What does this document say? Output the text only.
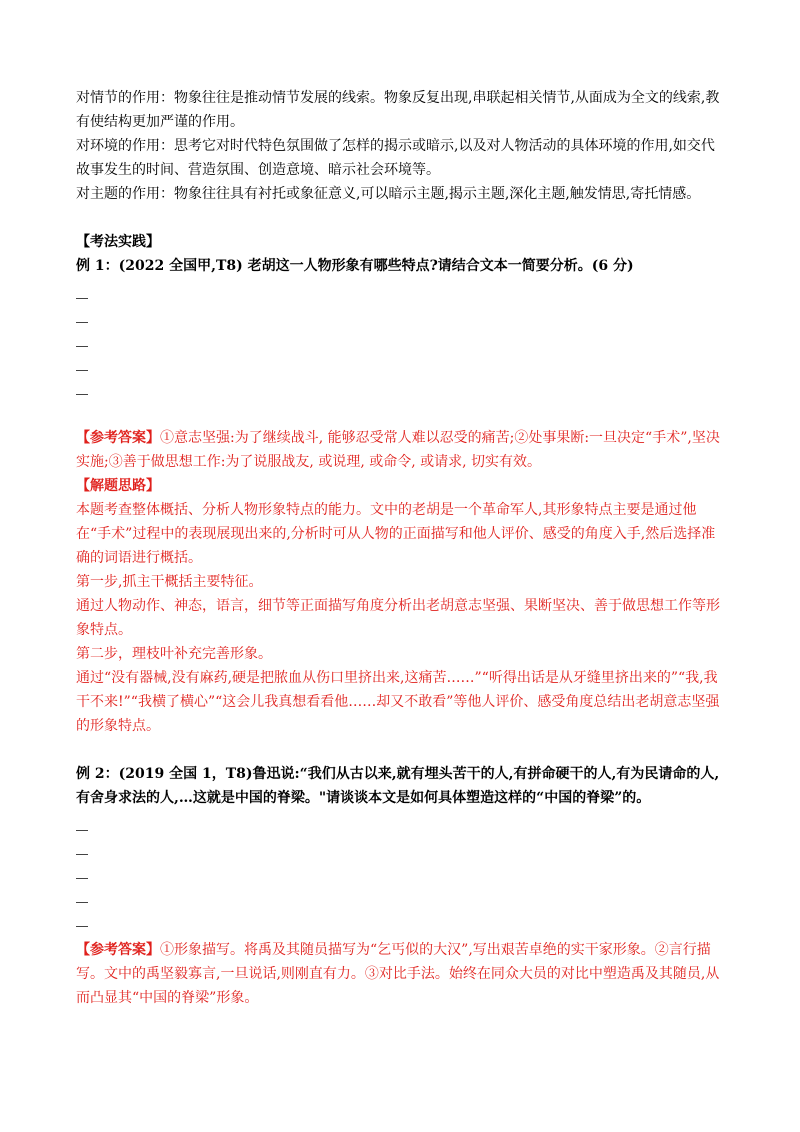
对情节的作用：物象往往是推动情节发展的线索。物象反复出现,串联起相关情节,从面成为全文的线索,教有使结构更加严谨的作用。

对环境的作用：思考它对时代特色氛围做了怎样的揭示或暗示,以及对人物活动的具体环境的作用,如交代故事发生的时间、营造氛围、创造意境、暗示社会环境等。

对主题的作用：物象往往具有衬托或象征意义,可以暗示主题,揭示主题,深化主题,触发情思,寄托情感。

【考法实践】

例 1：(2022 全国甲,T8) 老胡这一人物形象有哪些特点?请结合文本一简要分析。(6 分)

【参考答案】①意志坚强:为了继续战斗, 能够忍受常人难以忍受的痛苦;②处事果断:一旦决定“手术”,坚决实施;③善于做思想工作:为了说服战友, 或说理, 或命令, 或请求, 切实有效。

【解题思路】

本题考查整体概括、分析人物形象特点的能力。文中的老胡是一个革命军人,其形象特点主要是通过他在“手术”过程中的表现展现出来的,分析时可从人物的正面描写和他人评价、感受的角度入手,然后选择准确的词语进行概括。

第一步,抓主干概括主要特征。

通过人物动作、神态，语言，细节等正面描写角度分析出老胡意志坚强、果断坚决、善于做思想工作等形象特点。

第二步，理枝叶补充完善形象。

通过“没有器械,没有麻药,硬是把脓血从伤口里挤出来,这痛苦……”“听得出话是从牙缝里挤出来的”“我,我干不来!”“我横了横心”“这会儿我真想看看他……却又不敢看”等他人评价、感受角度总结出老胡意志坚强的形象特点。

例 2：(2019 全国 1，T8)鲁迅说:“我们从古以来,就有埋头苦干的人,有拼命硬干的人,有为民请命的人,有舍身求法的人,…这就是中国的脊梁。"请谈谈本文是如何具体塑造这样的“中国的脊梁”的。

【参考答案】①形象描写。将禹及其随员描写为“乞丐似的大汉”,写出艰苦卓绝的实干家形象。②言行描写。文中的禹坚毅寡言,一旦说话,则刚直有力。③对比手法。始终在同众大员的对比中塑造禹及其随员,从而凸显其“中国的脊梁”形象。
